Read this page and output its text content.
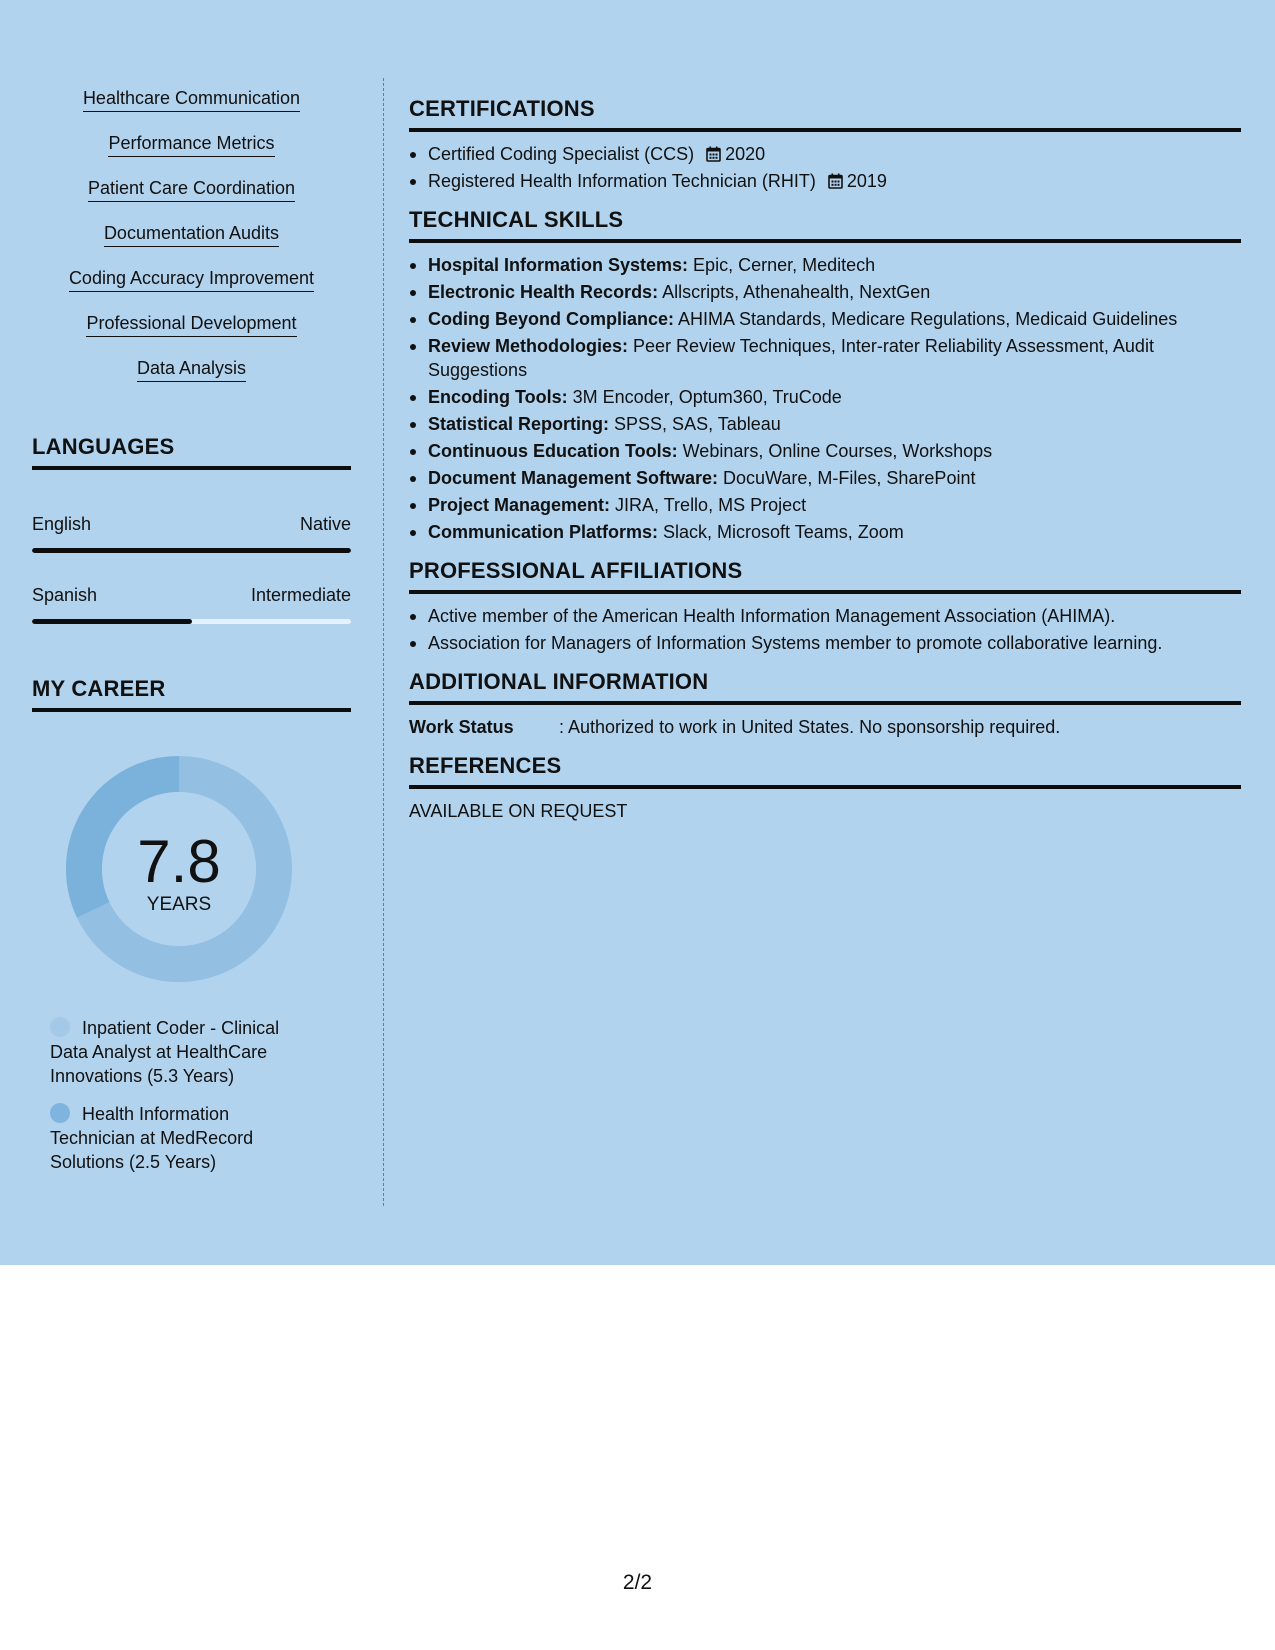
Healthcare Communication
Performance Metrics
Patient Care Coordination
Documentation Audits
Coding Accuracy Improvement
Professional Development
Data Analysis
LANGUAGES
English	Native
Spanish	Intermediate
MY CAREER
7.8
YEARS
Inpatient Coder - Clinical Data Analyst at HealthCare Innovations (5.3 Years)
Health Information Technician at MedRecord Solutions (2.5 Years)
CERTIFICATIONS
Certified Coding Specialist (CCS) 2020
Registered Health Information Technician (RHIT) 2019
TECHNICAL SKILLS
Hospital Information Systems: Epic, Cerner, Meditech
Electronic Health Records: Allscripts, Athenahealth, NextGen
Coding Beyond Compliance: AHIMA Standards, Medicare Regulations, Medicaid Guidelines
Review Methodologies: Peer Review Techniques, Inter-rater Reliability Assessment, Audit Suggestions
Encoding Tools: 3M Encoder, Optum360, TruCode
Statistical Reporting: SPSS, SAS, Tableau
Continuous Education Tools: Webinars, Online Courses, Workshops
Document Management Software: DocuWare, M-Files, SharePoint
Project Management: JIRA, Trello, MS Project
Communication Platforms: Slack, Microsoft Teams, Zoom
PROFESSIONAL AFFILIATIONS
Active member of the American Health Information Management Association (AHIMA).
Association for Managers of Information Systems member to promote collaborative learning.
ADDITIONAL INFORMATION
Work Status	: Authorized to work in United States. No sponsorship required.
REFERENCES
AVAILABLE ON REQUEST
2/2
